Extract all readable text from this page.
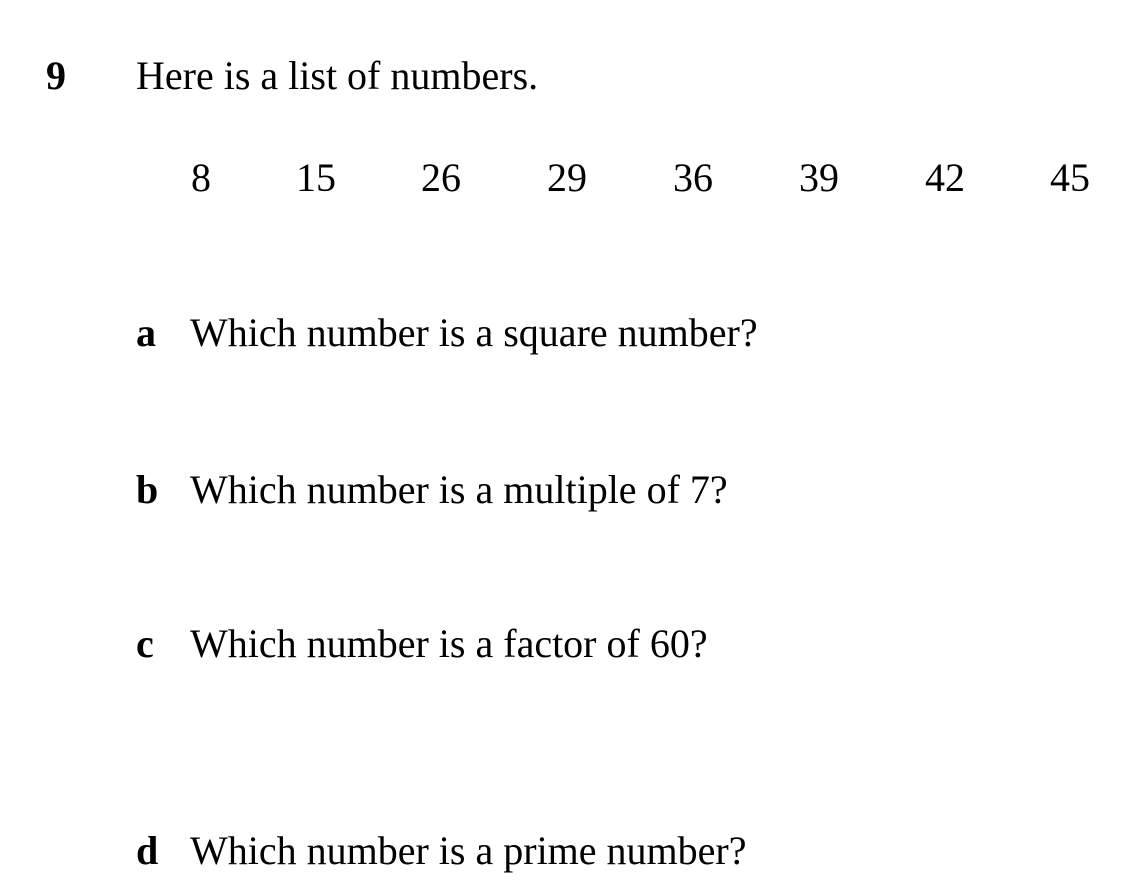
9 Here is a list of numbers.
8 15 26 29 36 39 42 45
a Which number is a square number?
b Which number is a multiple of 7?
c Which number is a factor of 60?
d Which number is a prime number?
